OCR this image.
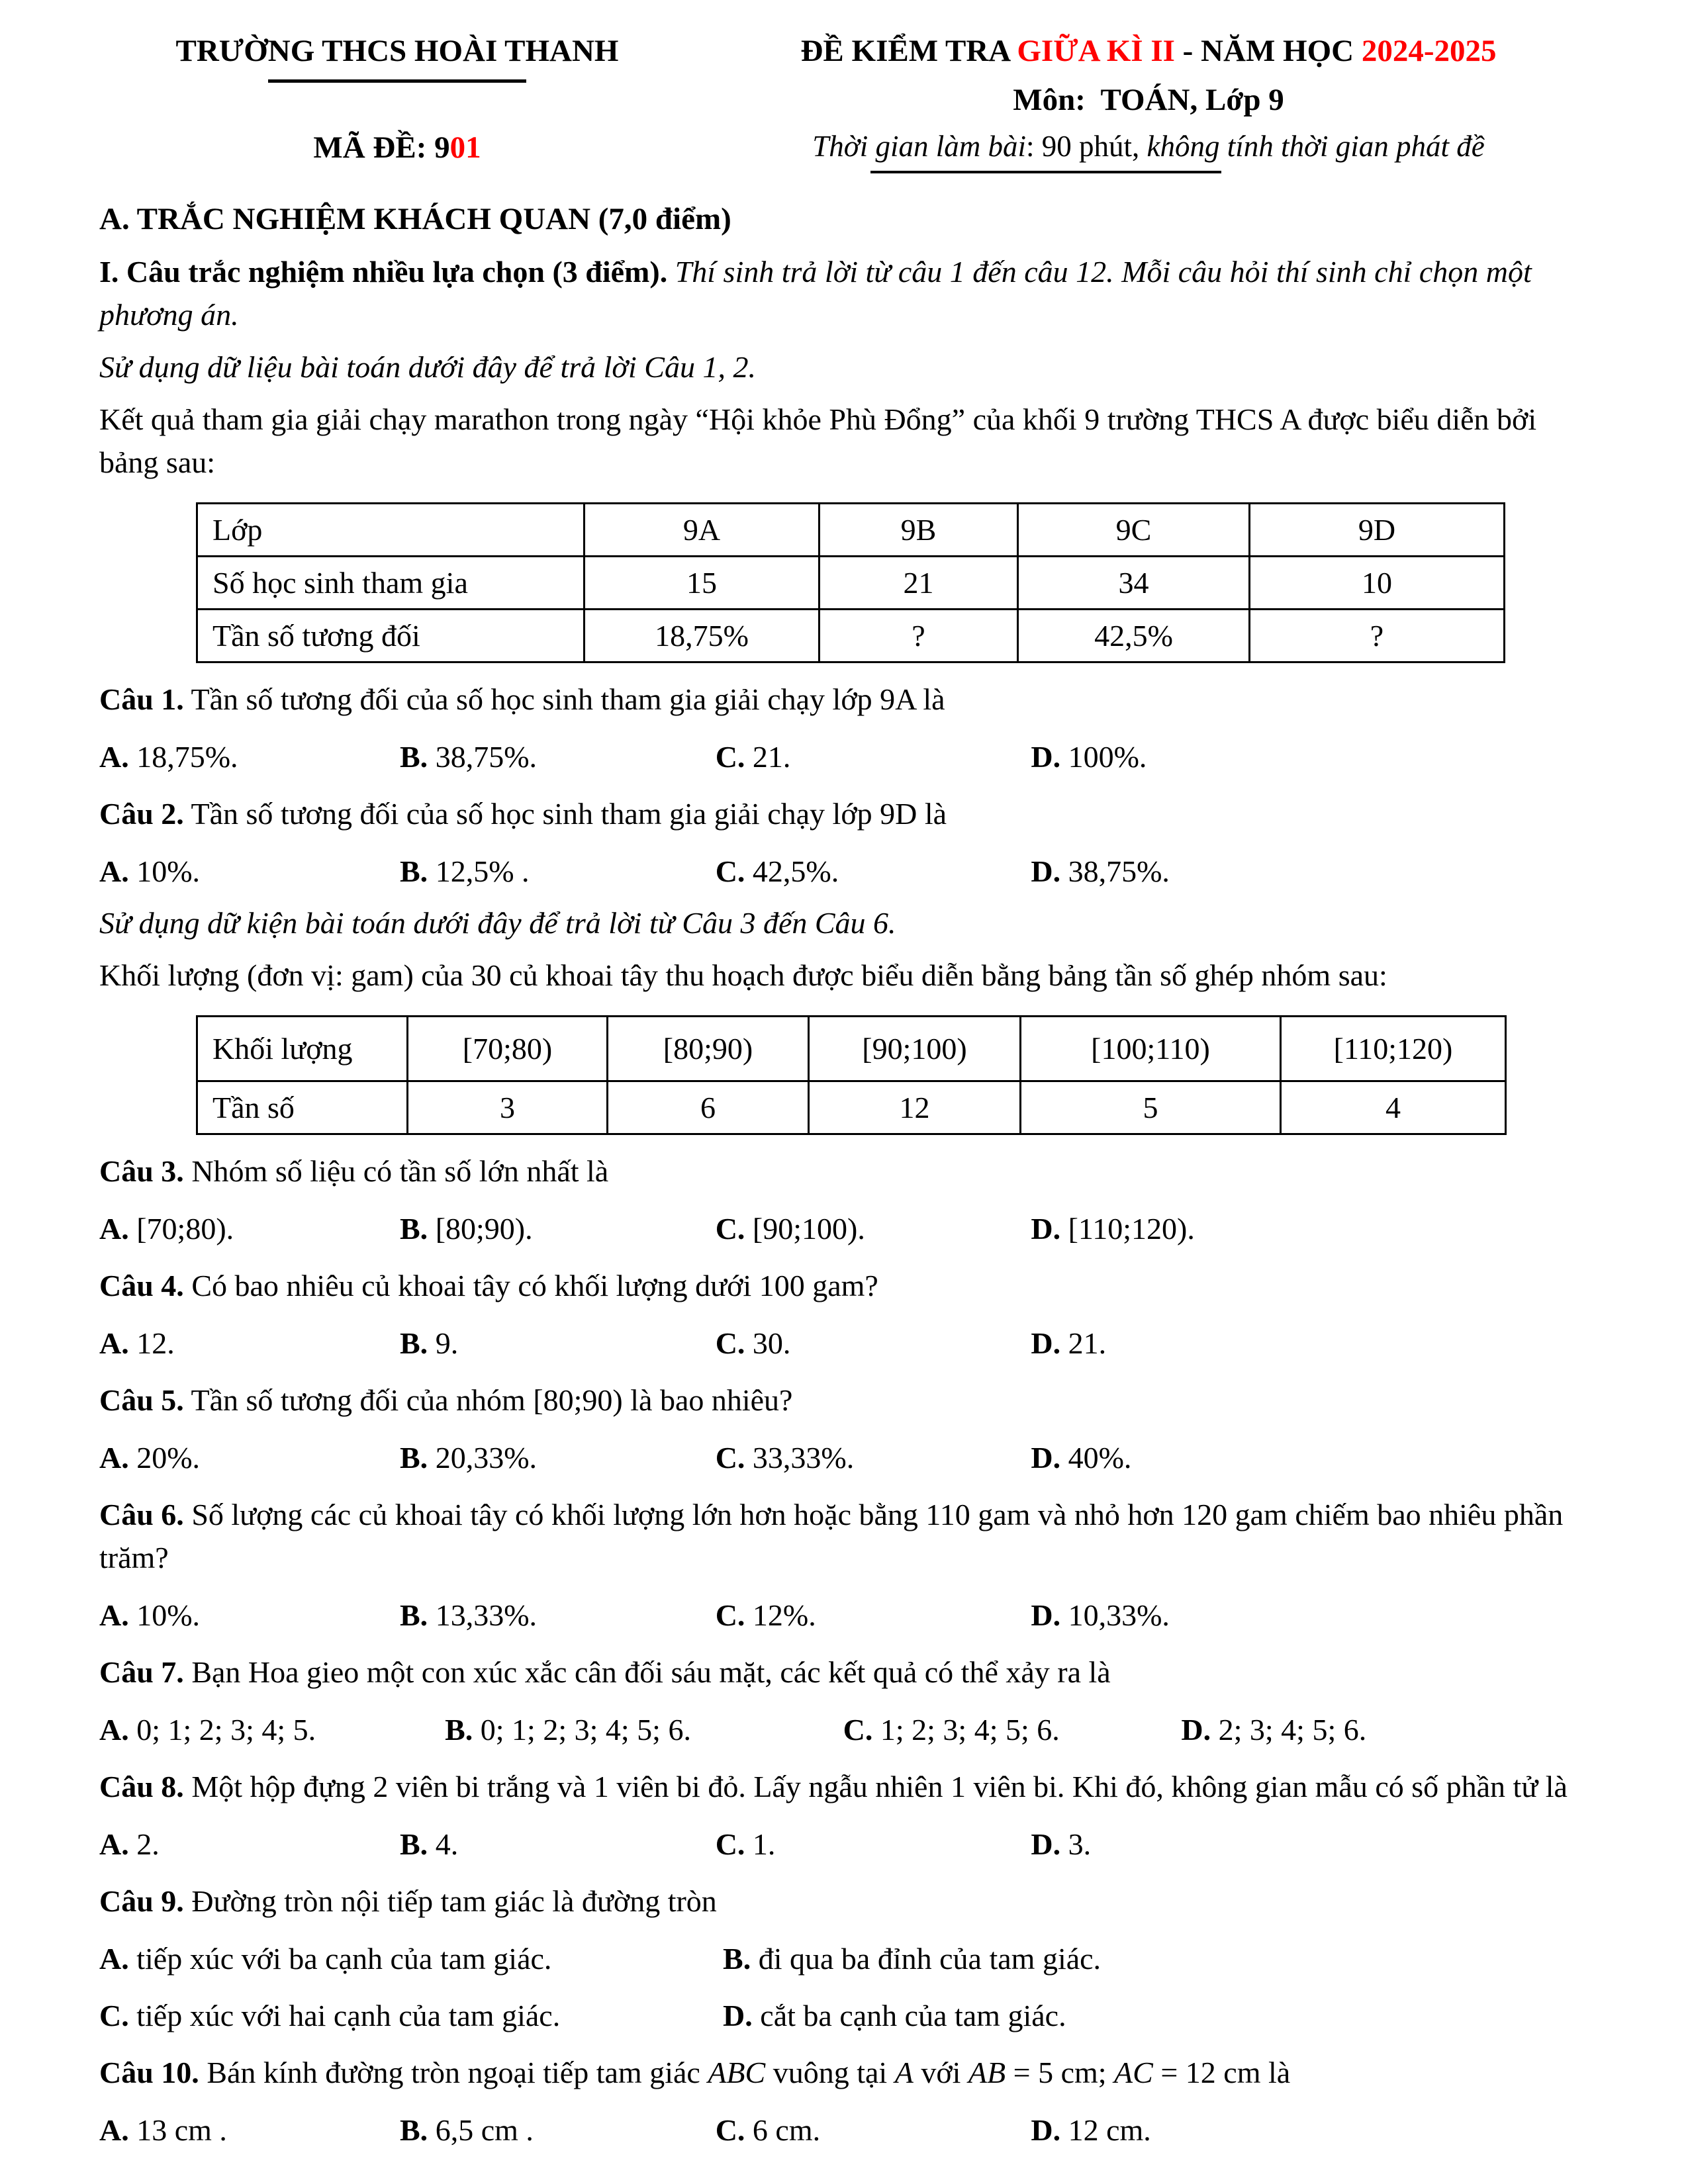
TRƯỜNG THCS HOÀI THANH
MÃ ĐỀ: 901
ĐỀ KIỂM TRA GIỮA KÌ II - NĂM HỌC 2024-2025
Môn:  TOÁN, Lớp 9
Thời gian làm bài: 90 phút, không tính thời gian phát đề

A. TRẮC NGHIỆM KHÁCH QUAN (7,0 điểm)

I. Câu trắc nghiệm nhiều lựa chọn (3 điểm). Thí sinh trả lời từ câu 1 đến câu 12. Mỗi câu hỏi thí sinh chỉ chọn một phương án.

Sử dụng dữ liệu bài toán dưới đây để trả lời Câu 1, 2.

Kết quả tham gia giải chạy marathon trong ngày “Hội khỏe Phù Đổng” của khối 9 trường THCS A được biểu diễn bởi bảng sau:

Lớp	9A	9B	9C	9D
Số học sinh tham gia	15	21	34	10
Tần số tương đối	18,75%	?	42,5%	?

Câu 1. Tần số tương đối của số học sinh tham gia giải chạy lớp 9A là

A. 18,75%.	B. 38,75%.	C. 21.	D. 100%.

Câu 2. Tần số tương đối của số học sinh tham gia giải chạy lớp 9D là

A. 10%.	B. 12,5% .	C. 42,5%.	D. 38,75%.

Sử dụng dữ kiện bài toán dưới đây để trả lời từ Câu 3 đến Câu 6.

Khối lượng (đơn vị: gam) của 30 củ khoai tây thu hoạch được biểu diễn bằng bảng tần số ghép nhóm sau:

Khối lượng	[70;80)	[80;90)	[90;100)	[100;110)	[110;120)
Tần số	3	6	12	5	4

Câu 3. Nhóm số liệu có tần số lớn nhất là

A. [70;80).	B. [80;90).	C. [90;100).	D. [110;120).

Câu 4. Có bao nhiêu củ khoai tây có khối lượng dưới 100 gam?

A. 12.	B. 9.	C. 30.	D. 21.

Câu 5. Tần số tương đối của nhóm [80;90) là bao nhiêu?

A. 20%.	B. 20,33%.	C. 33,33%.	D. 40%.

Câu 6. Số lượng các củ khoai tây có khối lượng lớn hơn hoặc bằng 110 gam và nhỏ hơn 120 gam chiếm bao nhiêu phần trăm?

A. 10%.	B. 13,33%.	C. 12%.	D. 10,33%.

Câu 7. Bạn Hoa gieo một con xúc xắc cân đối sáu mặt, các kết quả có thể xảy ra là

A. 0; 1; 2; 3; 4; 5.	B. 0; 1; 2; 3; 4; 5; 6.	C. 1; 2; 3; 4; 5; 6.	D. 2; 3; 4; 5; 6.

Câu 8. Một hộp đựng 2 viên bi trắng và 1 viên bi đỏ. Lấy ngẫu nhiên 1 viên bi. Khi đó, không gian mẫu có số phần tử là

A. 2.	B. 4.	C. 1.	D. 3.

Câu 9. Đường tròn nội tiếp tam giác là đường tròn

A. tiếp xúc với ba cạnh của tam giác.	B. đi qua ba đỉnh của tam giác.
C. tiếp xúc với hai cạnh của tam giác.	D. cắt ba cạnh của tam giác.

Câu 10. Bán kính đường tròn ngoại tiếp tam giác ABC vuông tại A với AB = 5 cm; AC = 12 cm là

A. 13 cm .	B. 6,5 cm .	C. 6 cm.	D. 12 cm.
